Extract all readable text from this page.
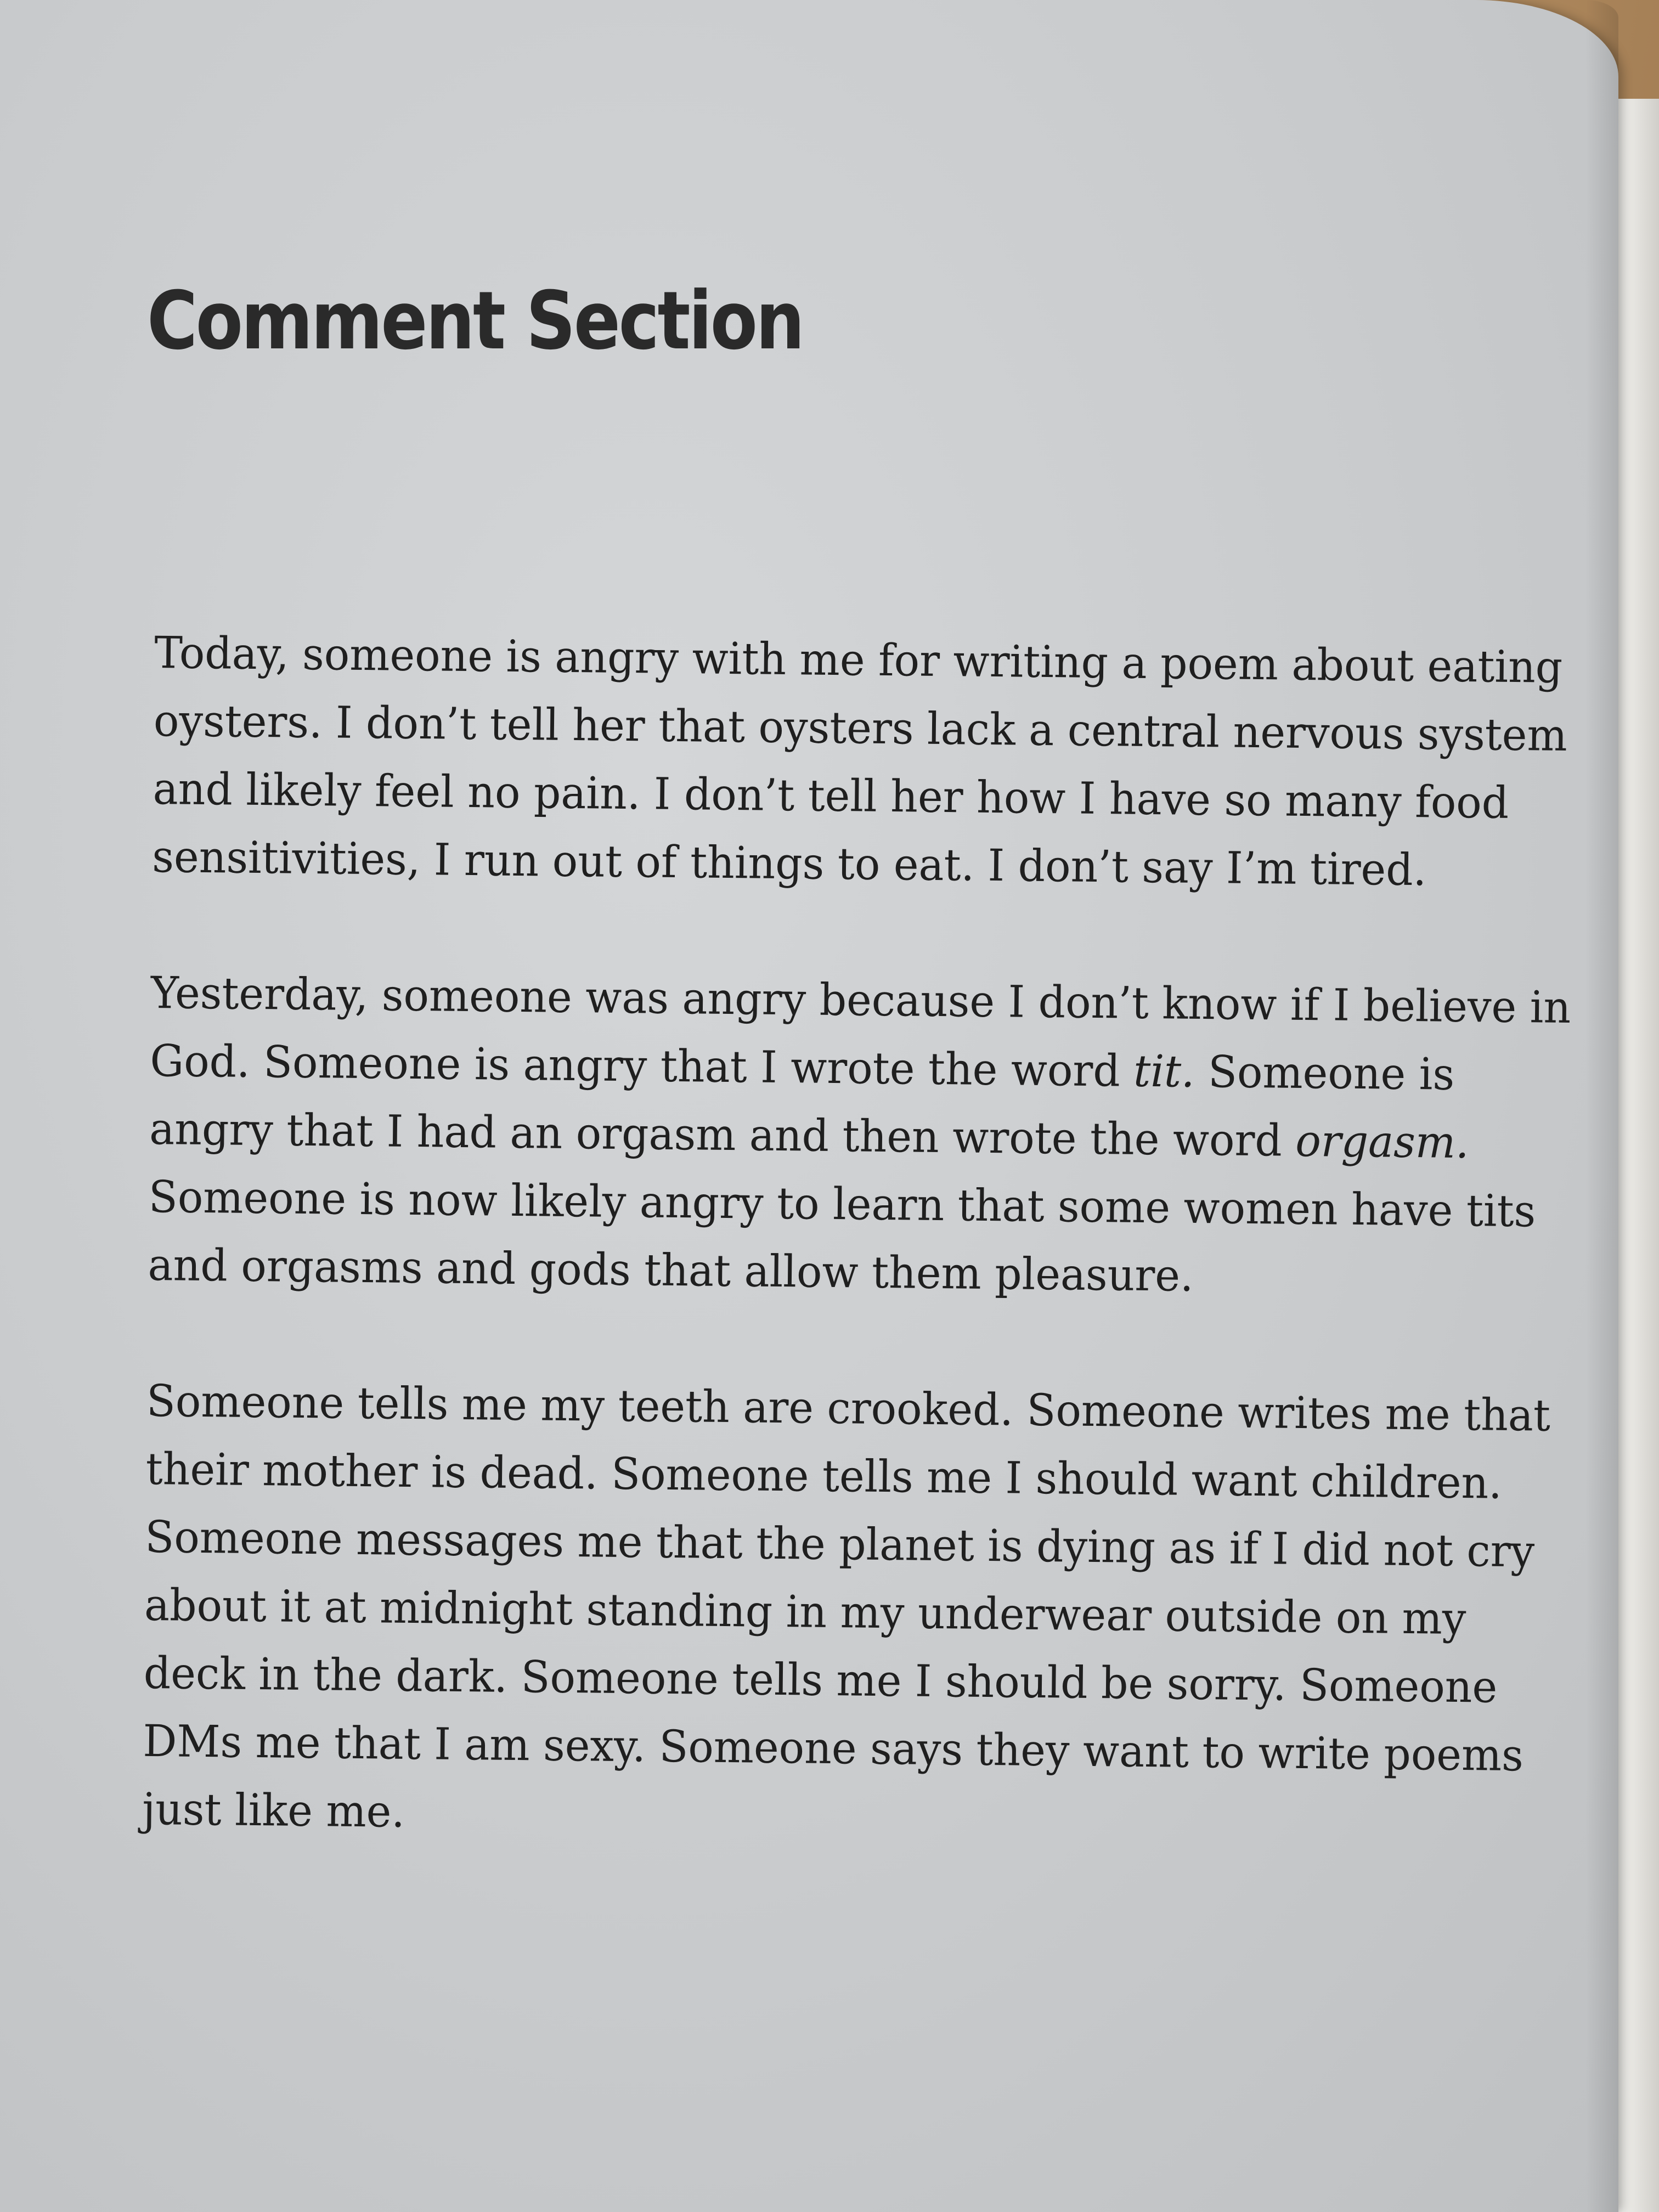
Comment Section

Today, someone is angry with me for writing a poem about eating
oysters. I don’t tell her that oysters lack a central nervous system
and likely feel no pain. I don’t tell her how I have so many food
sensitivities, I run out of things to eat. I don’t say I’m tired.

Yesterday, someone was angry because I don’t know if I believe in
God. Someone is angry that I wrote the word tit. Someone is
angry that I had an orgasm and then wrote the word orgasm.
Someone is now likely angry to learn that some women have tits
and orgasms and gods that allow them pleasure.

Someone tells me my teeth are crooked. Someone writes me that
their mother is dead. Someone tells me I should want children.
Someone messages me that the planet is dying as if I did not cry
about it at midnight standing in my underwear outside on my
deck in the dark. Someone tells me I should be sorry. Someone
DMs me that I am sexy. Someone says they want to write poems
just like me.
